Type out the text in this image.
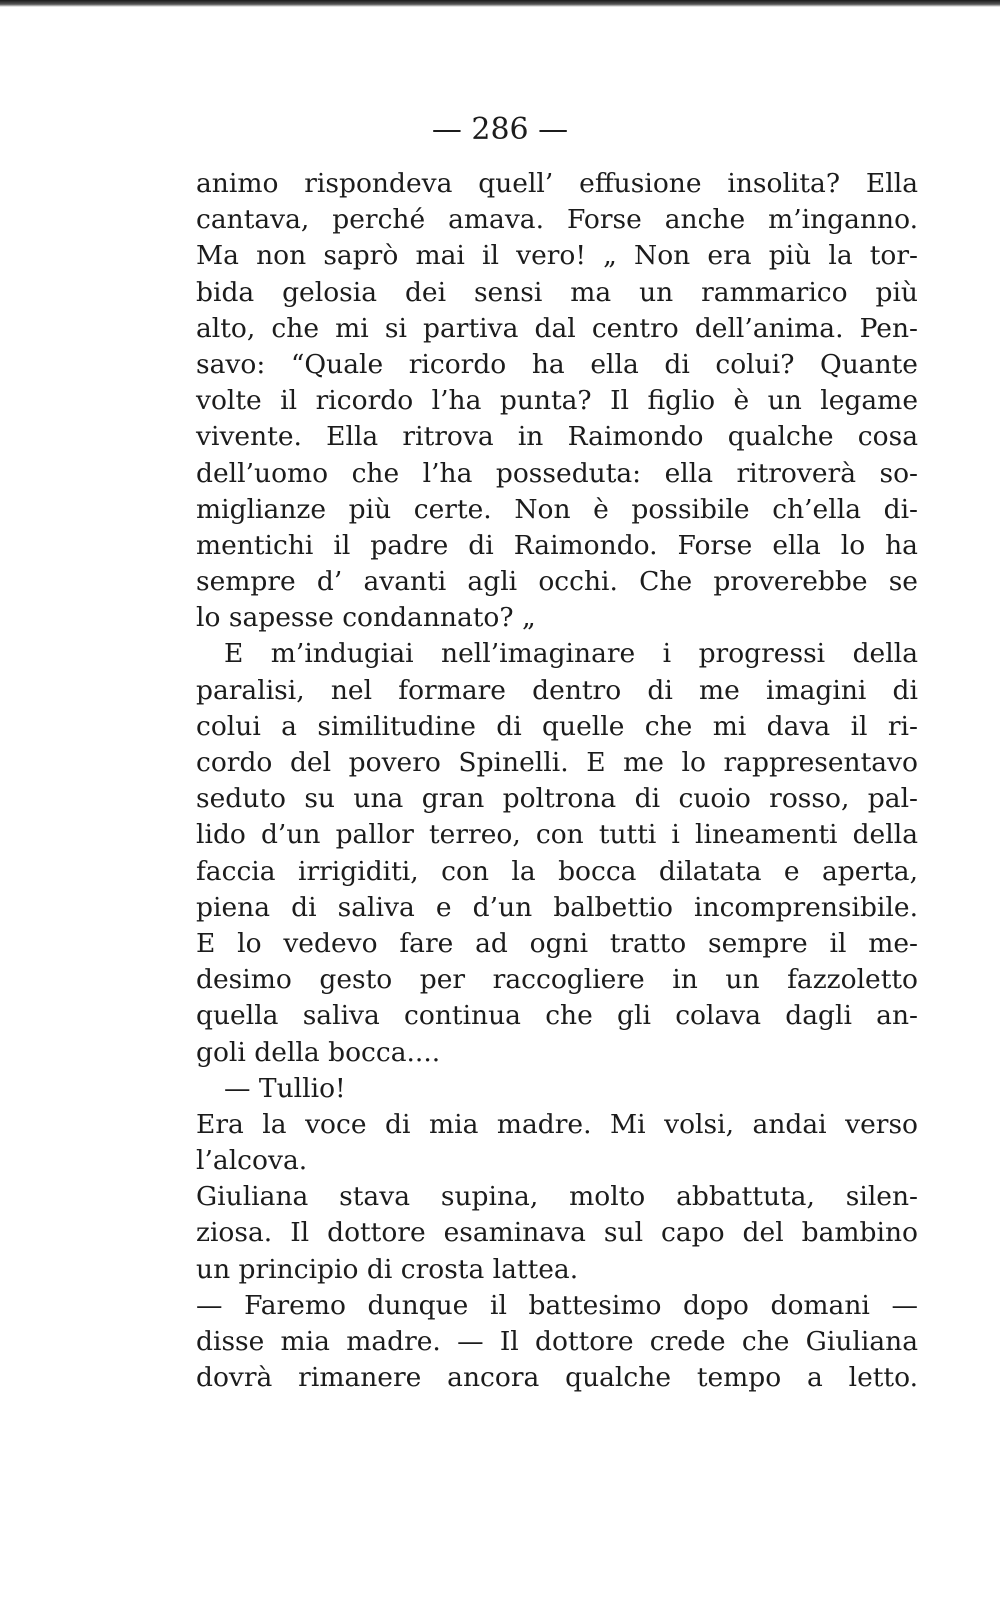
— 286 —

animo rispondeva quell’ effusione insolita? Ella
cantava, perché amava. Forse anche m’inganno.
Ma non saprò mai il vero! „ Non era più la tor-
bida gelosia dei sensi ma un rammarico più
alto, che mi si partiva dal centro dell’anima. Pen-
savo: “Quale ricordo ha ella di colui? Quante
volte il ricordo l’ha punta? Il figlio è un legame
vivente. Ella ritrova in Raimondo qualche cosa
dell’uomo che l’ha posseduta: ella ritroverà so-
miglianze più certe. Non è possibile ch’ella di-
mentichi il padre di Raimondo. Forse ella lo ha
sempre d’ avanti agli occhi. Che proverebbe se
lo sapesse condannato? „
E m’indugiai nell’imaginare i progressi della
paralisi, nel formare dentro di me imagini di
colui a similitudine di quelle che mi dava il ri-
cordo del povero Spinelli. E me lo rappresentavo
seduto su una gran poltrona di cuoio rosso, pal-
lido d’un pallor terreo, con tutti i lineamenti della
faccia irrigiditi, con la bocca dilatata e aperta,
piena di saliva e d’un balbettio incomprensibile.
E lo vedevo fare ad ogni tratto sempre il me-
desimo gesto per raccogliere in un fazzoletto
quella saliva continua che gli colava dagli an-
goli della bocca....
— Tullio!
Era la voce di mia madre. Mi volsi, andai verso
l’alcova.
Giuliana stava supina, molto abbattuta, silen-
ziosa. Il dottore esaminava sul capo del bambino
un principio di crosta lattea.
— Faremo dunque il battesimo dopo domani —
disse mia madre. — Il dottore crede che Giuliana
dovrà rimanere ancora qualche tempo a letto.
